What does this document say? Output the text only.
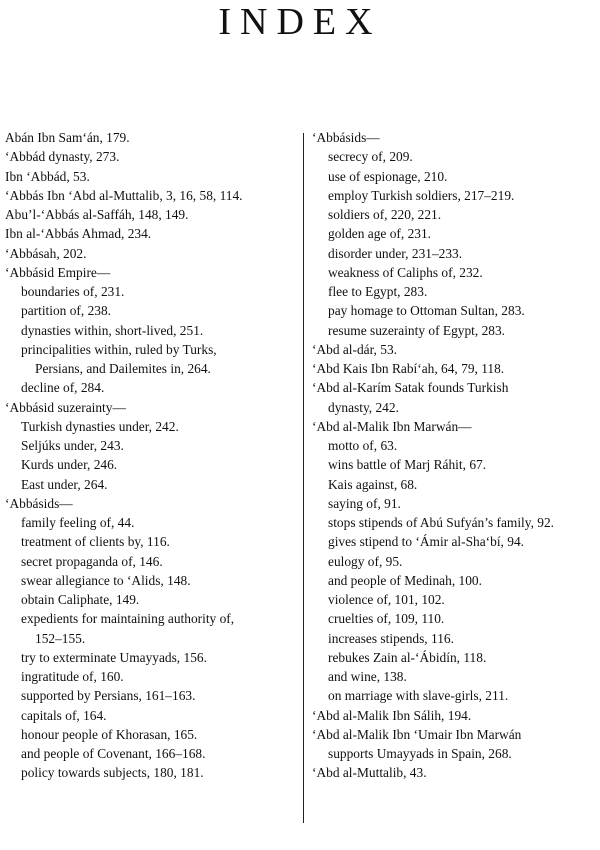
INDEX
Abán Ibn Sam‘án, 179.
‘Abbád dynasty, 273.
Ibn ‘Abbád, 53.
‘Abbás Ibn ‘Abd al-Muttalib, 3, 16, 58, 114.
Abu’l-‘Abbás al-Saffáh, 148, 149.
Ibn al-‘Abbás Ahmad, 234.
‘Abbásah, 202.
‘Abbásid Empire—
boundaries of, 231.
partition of, 238.
dynasties within, short-lived, 251.
principalities within, ruled by Turks,
Persians, and Dailemites in, 264.
decline of, 284.
‘Abbásid suzerainty—
Turkish dynasties under, 242.
Seljúks under, 243.
Kurds under, 246.
East under, 264.
‘Abbásids—
family feeling of, 44.
treatment of clients by, 116.
secret propaganda of, 146.
swear allegiance to ‘Alids, 148.
obtain Caliphate, 149.
expedients for maintaining authority of,
152–155.
try to exterminate Umayyads, 156.
ingratitude of, 160.
supported by Persians, 161–163.
capitals of, 164.
honour people of Khorasan, 165.
and people of Covenant, 166–168.
policy towards subjects, 180, 181.
‘Abbásids—
secrecy of, 209.
use of espionage, 210.
employ Turkish soldiers, 217–219.
soldiers of, 220, 221.
golden age of, 231.
disorder under, 231–233.
weakness of Caliphs of, 232.
flee to Egypt, 283.
pay homage to Ottoman Sultan, 283.
resume suzerainty of Egypt, 283.
‘Abd al-dár, 53.
‘Abd Kais Ibn Rabí‘ah, 64, 79, 118.
‘Abd al-Karím Satak founds Turkish
dynasty, 242.
‘Abd al-Malik Ibn Marwán—
motto of, 63.
wins battle of Marj Ráhit, 67.
Kais against, 68.
saying of, 91.
stops stipends of Abú Sufyán’s family, 92.
gives stipend to ‘Ámir al-Sha‘bí, 94.
eulogy of, 95.
and people of Medinah, 100.
violence of, 101, 102.
cruelties of, 109, 110.
increases stipends, 116.
rebukes Zain al-‘Ábidín, 118.
and wine, 138.
on marriage with slave-girls, 211.
‘Abd al-Malik Ibn Sálih, 194.
‘Abd al-Malik Ibn ‘Umair Ibn Marwán
supports Umayyads in Spain, 268.
‘Abd al-Muttalib, 43.
